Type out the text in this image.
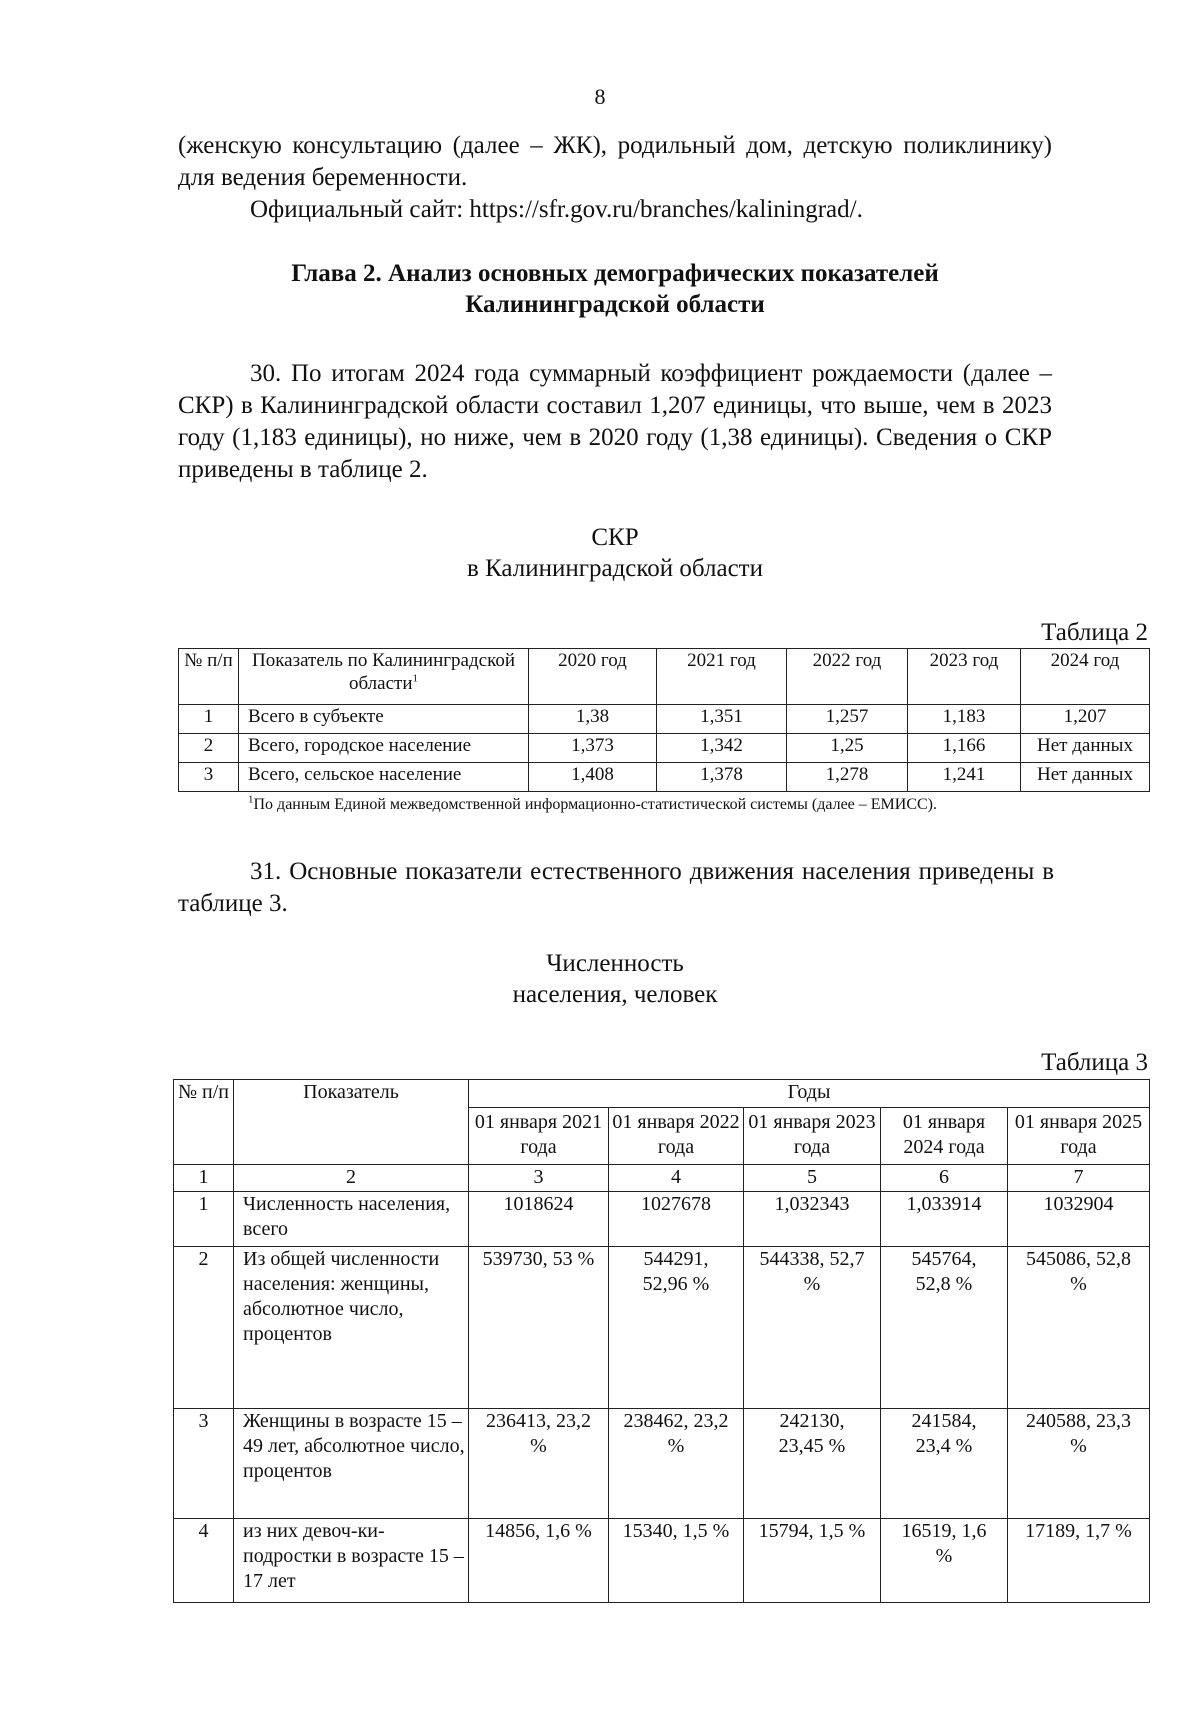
8
(женскую консультацию (далее – ЖК), родильный дом, детскую поликлинику) для ведения беременности.
Официальный сайт: https://sfr.gov.ru/branches/kaliningrad/.
Глава 2. Анализ основных демографических показателей
Калининградской области
30. По итогам 2024 года суммарный коэффициент рождаемости (далее – СКР) в Калининградской области составил 1,207 единицы, что выше, чем в 2023 году (1,183 единицы), но ниже, чем в 2020 году (1,38 единицы). Сведения о СКР приведены в таблице 2.
СКР
в Калининградской области
Таблица 2
№ п/п	Показатель по Калининградской области$^1$	2020 год	2021 год	2022 год	2023 год	2024 год
1	Всего в субъекте	1,38	1,351	1,257	1,183	1,207
2	Всего, городское население	1,373	1,342	1,25	1,166	Нет данных
3	Всего, сельское население	1,408	1,378	1,278	1,241	Нет данных
$^1$По данным Единой межведомственной информационно-статистической системы (далее – ЕМИСС).
31. Основные показатели естественного движения населения приведены в таблице 3.
Численность
населения, человек
Таблица 3
№ п/п	Показатель	Годы				
		01 января 2021 года	01 января 2022 года	01 января 2023 года	01 января 2024 года	01 января 2025 года
1	2	3	4	5	6	7
1	Численность населения, всего	1018624	1027678	1,032343	1,033914	1032904
2	Из общей численности населения: женщины, абсолютное число, процентов	539730, 53 %	544291, 52,96 %	544338, 52,7 %	545764, 52,8 %	545086, 52,8 %
3	Женщины в возрасте 15 – 49 лет, абсолютное число, процентов	236413, 23,2 %	238462, 23,2 %	242130, 23,45 %	241584, 23,4 %	240588, 23,3 %
4	из них девоч-ки-подростки в возрасте 15 – 17 лет	14856, 1,6 %	15340, 1,5 %	15794, 1,5 %	16519, 1,6 %	17189, 1,7 %
